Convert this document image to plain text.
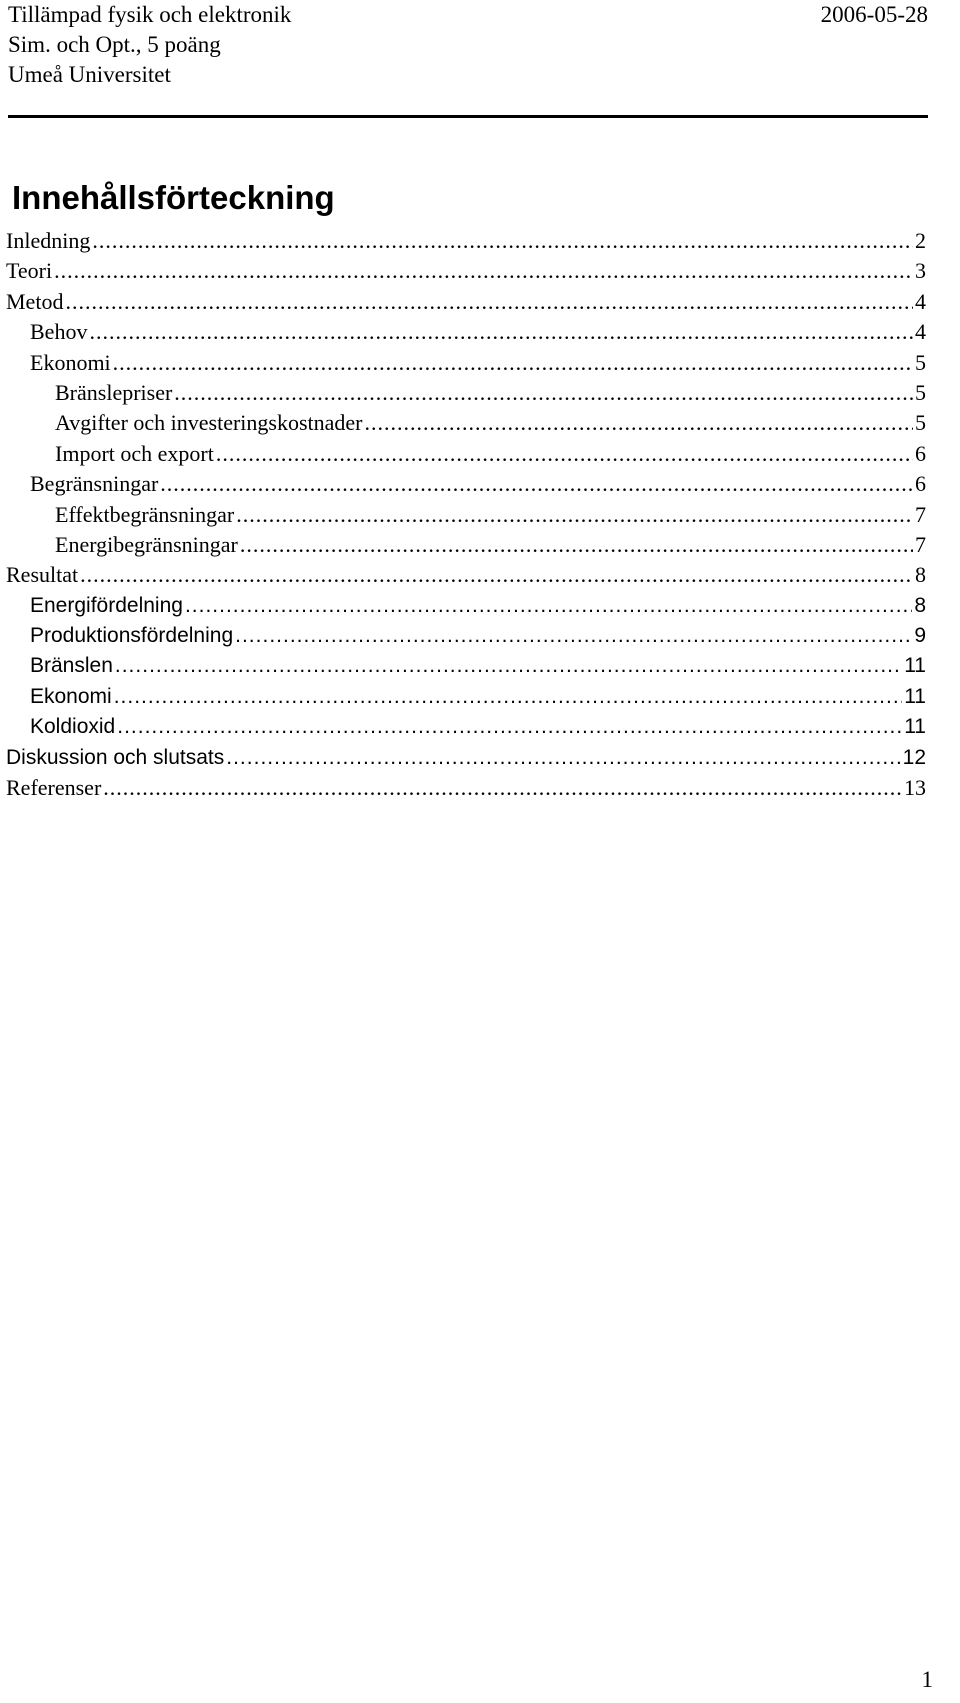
Tillämpad fysik och elektronik
Sim. och Opt., 5 poäng
Umeå Universitet
2006-05-28
Innehållsförteckning
Inledning .....	2
Teori .....	3
Metod .....	4
Behov .....	4
Ekonomi .....	5
Bränslepriser .....	5
Avgifter och investeringskostnader .....	5
Import och export .....	6
Begränsningar .....	6
Effektbegränsningar .....	7
Energibegränsningar .....	7
Resultat .....	8
Energifördelning .....	8
Produktionsfördelning .....	9
Bränslen .....	11
Ekonomi .....	11
Koldioxid .....	11
Diskussion och slutsats .....	12
Referenser .....	13
1
